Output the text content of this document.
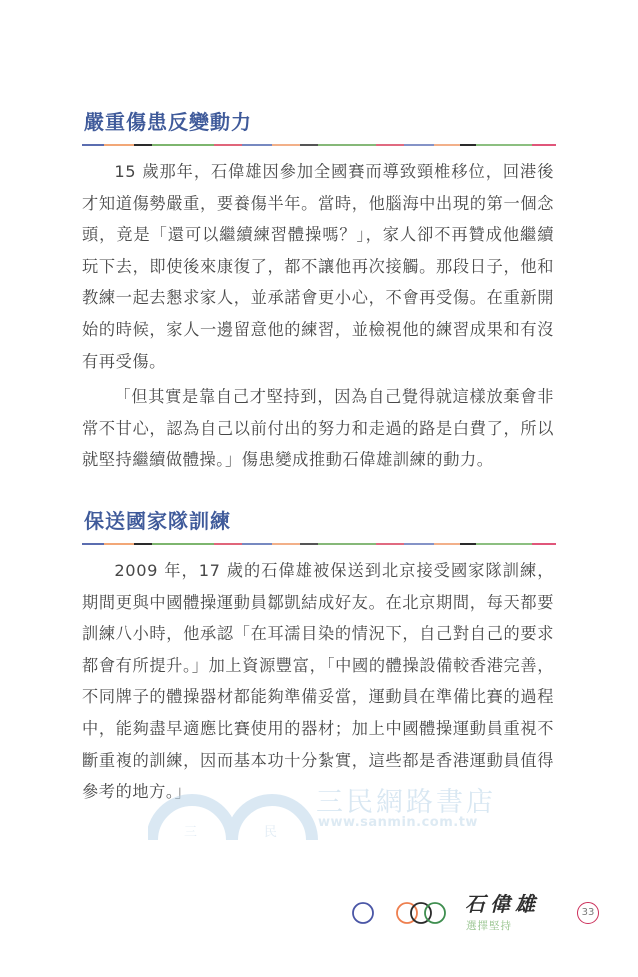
嚴重傷患反變動力

15 歲那年，石偉雄因參加全國賽而導致頸椎移位，回港後才知道傷勢嚴重，要養傷半年。當時，他腦海中出現的第一個念頭，竟是「還可以繼續練習體操嗎？」，家人卻不再贊成他繼續玩下去，即使後來康復了，都不讓他再次接觸。那段日子，他和教練一起去懇求家人，並承諾會更小心，不會再受傷。在重新開始的時候，家人一邊留意他的練習，並檢視他的練習成果和有沒有再受傷。

「但其實是靠自己才堅持到，因為自己覺得就這樣放棄會非常不甘心，認為自己以前付出的努力和走過的路是白費了，所以就堅持繼續做體操。」傷患變成推動石偉雄訓練的動力。

保送國家隊訓練

2009 年，17 歲的石偉雄被保送到北京接受國家隊訓練，期間更與中國體操運動員鄒凱結成好友。在北京期間，每天都要訓練八小時，他承認「在耳濡目染的情況下，自己對自己的要求都會有所提升。」加上資源豐富，「中國的體操設備較香港完善，不同牌子的體操器材都能夠準備妥當，運動員在準備比賽的過程中，能夠盡早適應比賽使用的器材；加上中國體操運動員重視不斷重複的訓練，因而基本功十分紮實，這些都是香港運動員值得參考的地方。」

三	民
三民網路書店
www.sanmin.com.tw
石偉雄
選擇堅持
33
